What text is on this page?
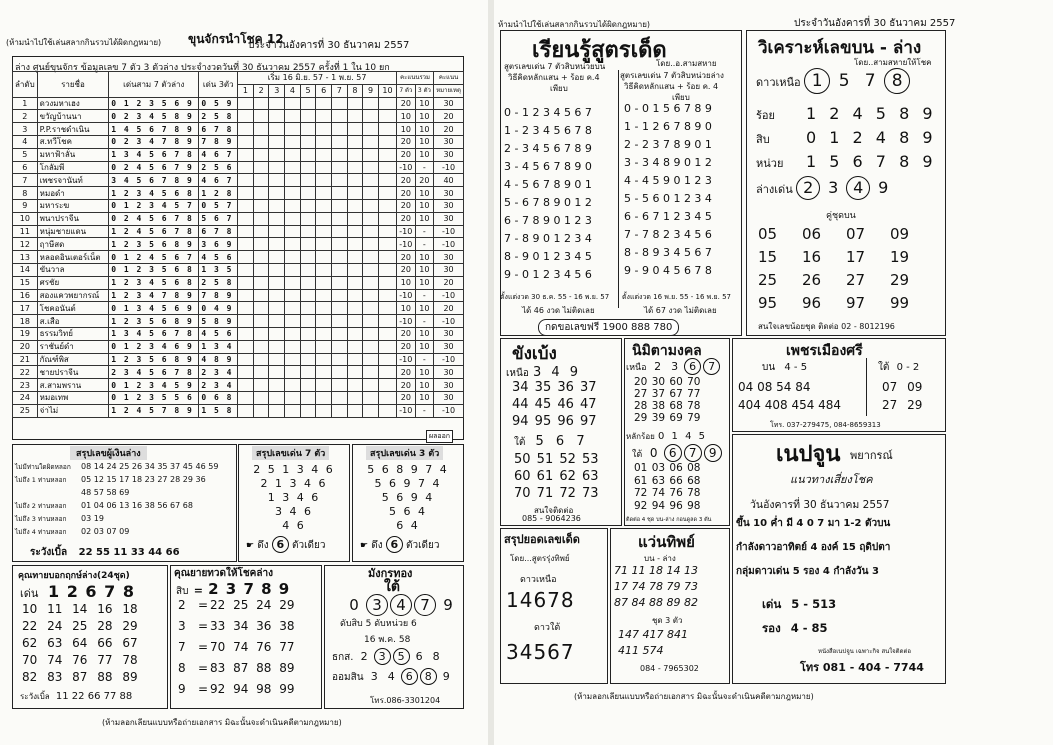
(ห้ามนำไปใช้เล่นสลากกินรวบได้ผิดกฎหมาย) ขุนจักรนำโชค 12
ประจำวันอังคารที่ 30 ธันวาคม 2557
ล่าง ศูนย์ขุนจักร ข้อมูลเลข 7 ตัว 3 ตัวล่าง ประจำงวดวันที่ 30 ธันวาคม 2557 ครั้งที่ 1 ใน 10 ยก
ลำดับ	รายชื่อ	เด่นสาม 7 ตัวล่าง	เด่น 3ตัว	เริ่ม 16 มิ.ย. 57 - 1 พ.ย. 57										คะแนนรวม		คะแนน
				1	2	3	4	5	6	7	8	9	10	7 ตัว	3 ตัว	หมายเหตุ
1	ดวงมหาเฮง	0 1 2 3 5 6 9	0 5 9											20	10	30
2	ขวัญบ้านนา	0 2 3 4 5 8 9	2 5 8											10	10	20
3	P.P.ราชดำเนิน	1 4 5 6 7 8 9	6 7 8											10	10	20
4	ส.ทวีโชค	0 2 3 4 7 8 9	7 8 9											20	10	30
5	มหาฟ้าลั่น	1 3 4 5 6 7 8	4 6 7											20	10	30
6	โกลัมพี	0 2 4 5 6 7 9	2 5 6											-10	-	-10
7	เพชรจานันท์	3 4 5 6 7 8 9	4 6 7											20	20	40
8	หมอดำ	1 2 3 4 5 6 8	1 2 8											20	10	30
9	มหาระฆ	0 1 2 3 4 5 7	0 5 7											20	10	30
10	พนาปราจีน	0 2 4 5 6 7 8	5 6 7											20	10	30
11	หนุ่มชายแดน	1 2 4 5 6 7 8	6 7 8											-10	-	-10
12	ฤาษีสด	1 2 3 5 6 8 9	3 6 9											-10	-	-10
13	หลอดอินเตอร์เน็ต	0 1 2 4 5 6 7	4 5 6											20	10	30
14	ขันวาล	0 1 2 3 5 6 8	1 3 5											20	10	30
15	ศรชัย	1 2 3 4 5 6 8	2 5 8											10	10	20
16	สองแควพยากรณ์	1 2 3 4 7 8 9	7 8 9											-10	-	-10
17	โชคอนันต์	0 1 3 4 5 6 9	0 4 9											10	10	20
18	ส.เสือ	1 2 3 5 6 8 9	5 8 9											-10	-	-10
19	ธรรมวิทย์	1 3 4 5 6 7 8	4 5 6											20	10	30
20	ราชันย์ดำ	0 1 2 3 4 6 9	1 3 4											20	10	30
21	กัณฑ์พิส	1 2 3 5 6 8 9	4 8 9											-10	-	-10
22	ชายปราจีน	2 3 4 5 6 7 8	2 3 4											20	10	30
23	ส.สามพราน	0 1 2 3 4 5 9	2 3 4											20	10	30
24	หมอเทพ	0 1 2 3 5 5 6	0 6 8											20	10	30
25	จ่าไม่	1 2 4 5 7 8 9	1 5 8											-10	-	-10
ผลออก
สรุปเลขผู้เงินล่าง
ไม่มีท่านใดผิดหลอก 08 14 24 25 26 34 35 37 45 46 59
ไม่ถึง 1 ท่านหลอก 05 12 15 17 18 23 27 28 29 36
48 57 58 69
ไม่ถึง 2 ท่านหลอก 01 04 06 13 16 38 56 67 68
ไม่ถึง 3 ท่านหลอก 03 19
ไม่ถึง 4 ท่านหลอก 02 03 07 09
ระวังเบิ้ล 22 55 11 33 44 66
สรุปเลขเด่น 7 ตัว
2 5 1 3 4 6
2 1 3 4 6
1 3 4 6
3 4 6
4 6
☛ ดึง 6 ตัวเดียว
สรุปเลขเด่น 3 ตัว
5 6 8 9 7 4
5 6 9 7 4
5 6 9 4
5 6 4
6 4
☛ ดึง 6 ตัวเดียว
คุณทายบอกฤกษ์ล่าง(24ชุด)
เด่น 1 2 6 7 8
10 11 14 16 18
22 24 25 28 29
62 63 64 66 67
70 74 76 77 78
82 83 87 88 89
ระวังเบิ้ล 11 22 66 77 88
คุณยายทวดให้โชคล่าง
สิบ = 2 3 7 8 9
2 = 22 25 24 29
3 = 33 34 36 38
7 = 70 74 76 77
8 = 83 87 88 89
9 = 92 94 98 99
มังกรทอง
ใต้
0 3 4 7 9
ดับสิบ 5 ดับหน่วย 6
16 พ.ค. 58
ธกส. 2 3 5 6 8
ออมสิน 3 4 6 8 9
โทร.086-3301204
(ห้ามลอกเลียนแบบหรือถ่ายเอกสาร มิฉะนั้นจะดำเนินคดีตามกฎหมาย)
ห้ามนำไปใช้เล่นสลากกินรวบได้ผิดกฎหมาย)	ประจำวันอังคารที่ 30 ธันวาคม 2557
เรียนรู้สูตรเด็ด
โดย..อ.สามสหาย
สูตรเลขเด่น 7 ตัวสิบหน่วยบน
วิธีคิดหลักแสน + ร้อย ค.4
เพียบ
สูตรเลขเด่น 7 ตัวสิบหน่วยล่าง
วิธีคิดหลักแสน + ร้อย ค. 4
เพียบ
0 - 1 2 3 4 5 6 7
1 - 2 3 4 5 6 7 8
2 - 3 4 5 6 7 8 9
3 - 4 5 6 7 8 9 0
4 - 5 6 7 8 9 0 1
5 - 6 7 8 9 0 1 2
6 - 7 8 9 0 1 2 3
7 - 8 9 0 1 2 3 4
8 - 9 0 1 2 3 4 5
9 - 0 1 2 3 4 5 6
0 - 0 1 5 6 7 8 9
1 - 1 2 6 7 8 9 0
2 - 2 3 7 8 9 0 1
3 - 3 4 8 9 0 1 2
4 - 4 5 9 0 1 2 3
5 - 5 6 0 1 2 3 4
6 - 6 7 1 2 3 4 5
7 - 7 8 2 3 4 5 6
8 - 8 9 3 4 5 6 7
9 - 9 0 4 5 6 7 8
ตั้งแต่งวด 30 ธ.ค. 55 - 16 พ.ย. 57
ได้ 46 งวด ไม่ติดเลย
ตั้งแต่งวด 16 พ.ย. 55 - 16 พ.ย. 57
ได้ 67 งวด ไม่ติดเลย
กดขอเลขฟรี 1900 888 780
วิเคราะห์เลขบน - ล่าง
โดย..สามสหายให้โชค
ดาวเหนือ 1 5 7 8
ร้อย 1 2 4 5 8 9
สิบ 0 1 2 4 8 9
หน่วย 1 5 6 7 8 9
ล่างเด่น 2 3 4 9
คู่ชุดบน
05 06 07 09
15 16 17 19
25 26 27 29
95 96 97 99
สนใจเลขน้อยชุด ติดต่อ 02 - 8012196
ขังเบ้ง
เหนือ 3 4 9
34 35 36 37
44 45 46 47
94 95 96 97
ใต้ 5 6 7
50 51 52 53
60 61 62 63
70 71 72 73
สนใจติดต่อ
085 - 9064236
นิมิตามงคล
เหนือ 2 3 6 7
20 30 60 70
27 37 67 77
28 38 68 78
29 39 69 79
หลักร้อย 0 1 4 5
ใต้ 0 6 7 9
01 03 06 08
61 63 66 68
72 74 76 78
92 94 96 98
ติดต่อ 4 ชุด บน-ล่าง กอนดูลด 3 ตัน
เพชรเมืองศรี
บน 4 - 5	ใต้ 0 - 2
04 08 54 84
404 408 454 484
07 09
27 29
โทร. 037-279475, 084-8659313
เนปจูน พยากรณ์
แนวทางเสี่ยงโชค
วันอังคารที่ 30 ธันวาคม 2557
ขึ้น 10 ค่ำ มี 4 0 7 มา 1-2 ตัวบน
กำลังดาวอาทิตย์ 4 องค์ 15 ฤดิปตา
กลุ่มดาวเด่น 5 รอง 4 กำลังวัน 3
เด่น 5 - 513
รอง 4 - 85
หนังสือเนปจูน เฉพาะกิจ สนใจติดต่อ
โทร 081 - 404 - 7744
สรุปยอดเลขเด็ด
โดย...สูตรรุ่งทิพย์
ดาวเหนือ
14678
ดาวใต้
34567
แว่นทิพย์
บน - ล่าง
71 11 18 14 13
17 74 78 79 73
87 84 88 89 82
ชุด 3 ตัว
147 417 841
411 574
084 - 7965302
(ห้ามลอกเลียนแบบหรือถ่ายเอกสาร มิฉะนั้นจะดำเนินคดีตามกฎหมาย)
